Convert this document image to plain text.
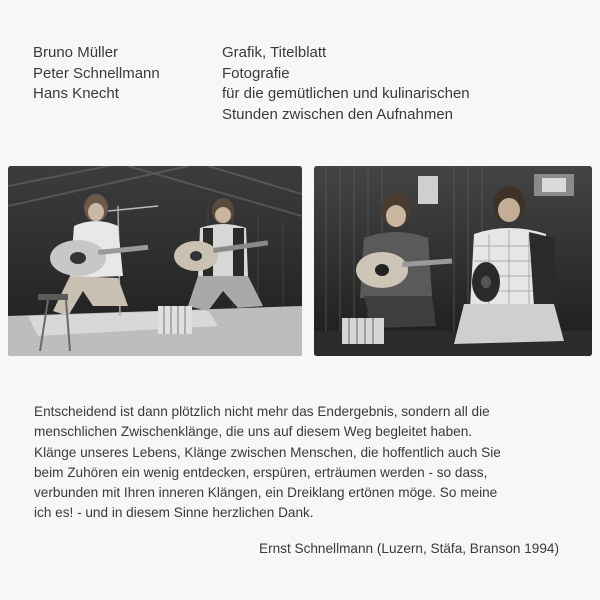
Bruno Müller	Grafik, Titelblatt
Peter Schnellmann	Fotografie
Hans Knecht	für die gemütlichen und kulinarischen
Stunden zwischen den Aufnahmen
Entscheidend ist dann plötzlich nicht mehr das Endergebnis, sondern all die
menschlichen Zwischenklänge, die uns auf diesem Weg begleitet haben.
Klänge unseres Lebens, Klänge zwischen Menschen, die hoffentlich auch Sie
beim Zuhören ein wenig entdecken, erspüren, erträumen werden - so dass,
verbunden mit Ihren inneren Klängen, ein Dreiklang ertönen möge. So meine
ich es! - und in diesem Sinne herzlichen Dank.
Ernst Schnellmann (Luzern, Stäfa, Branson 1994)
